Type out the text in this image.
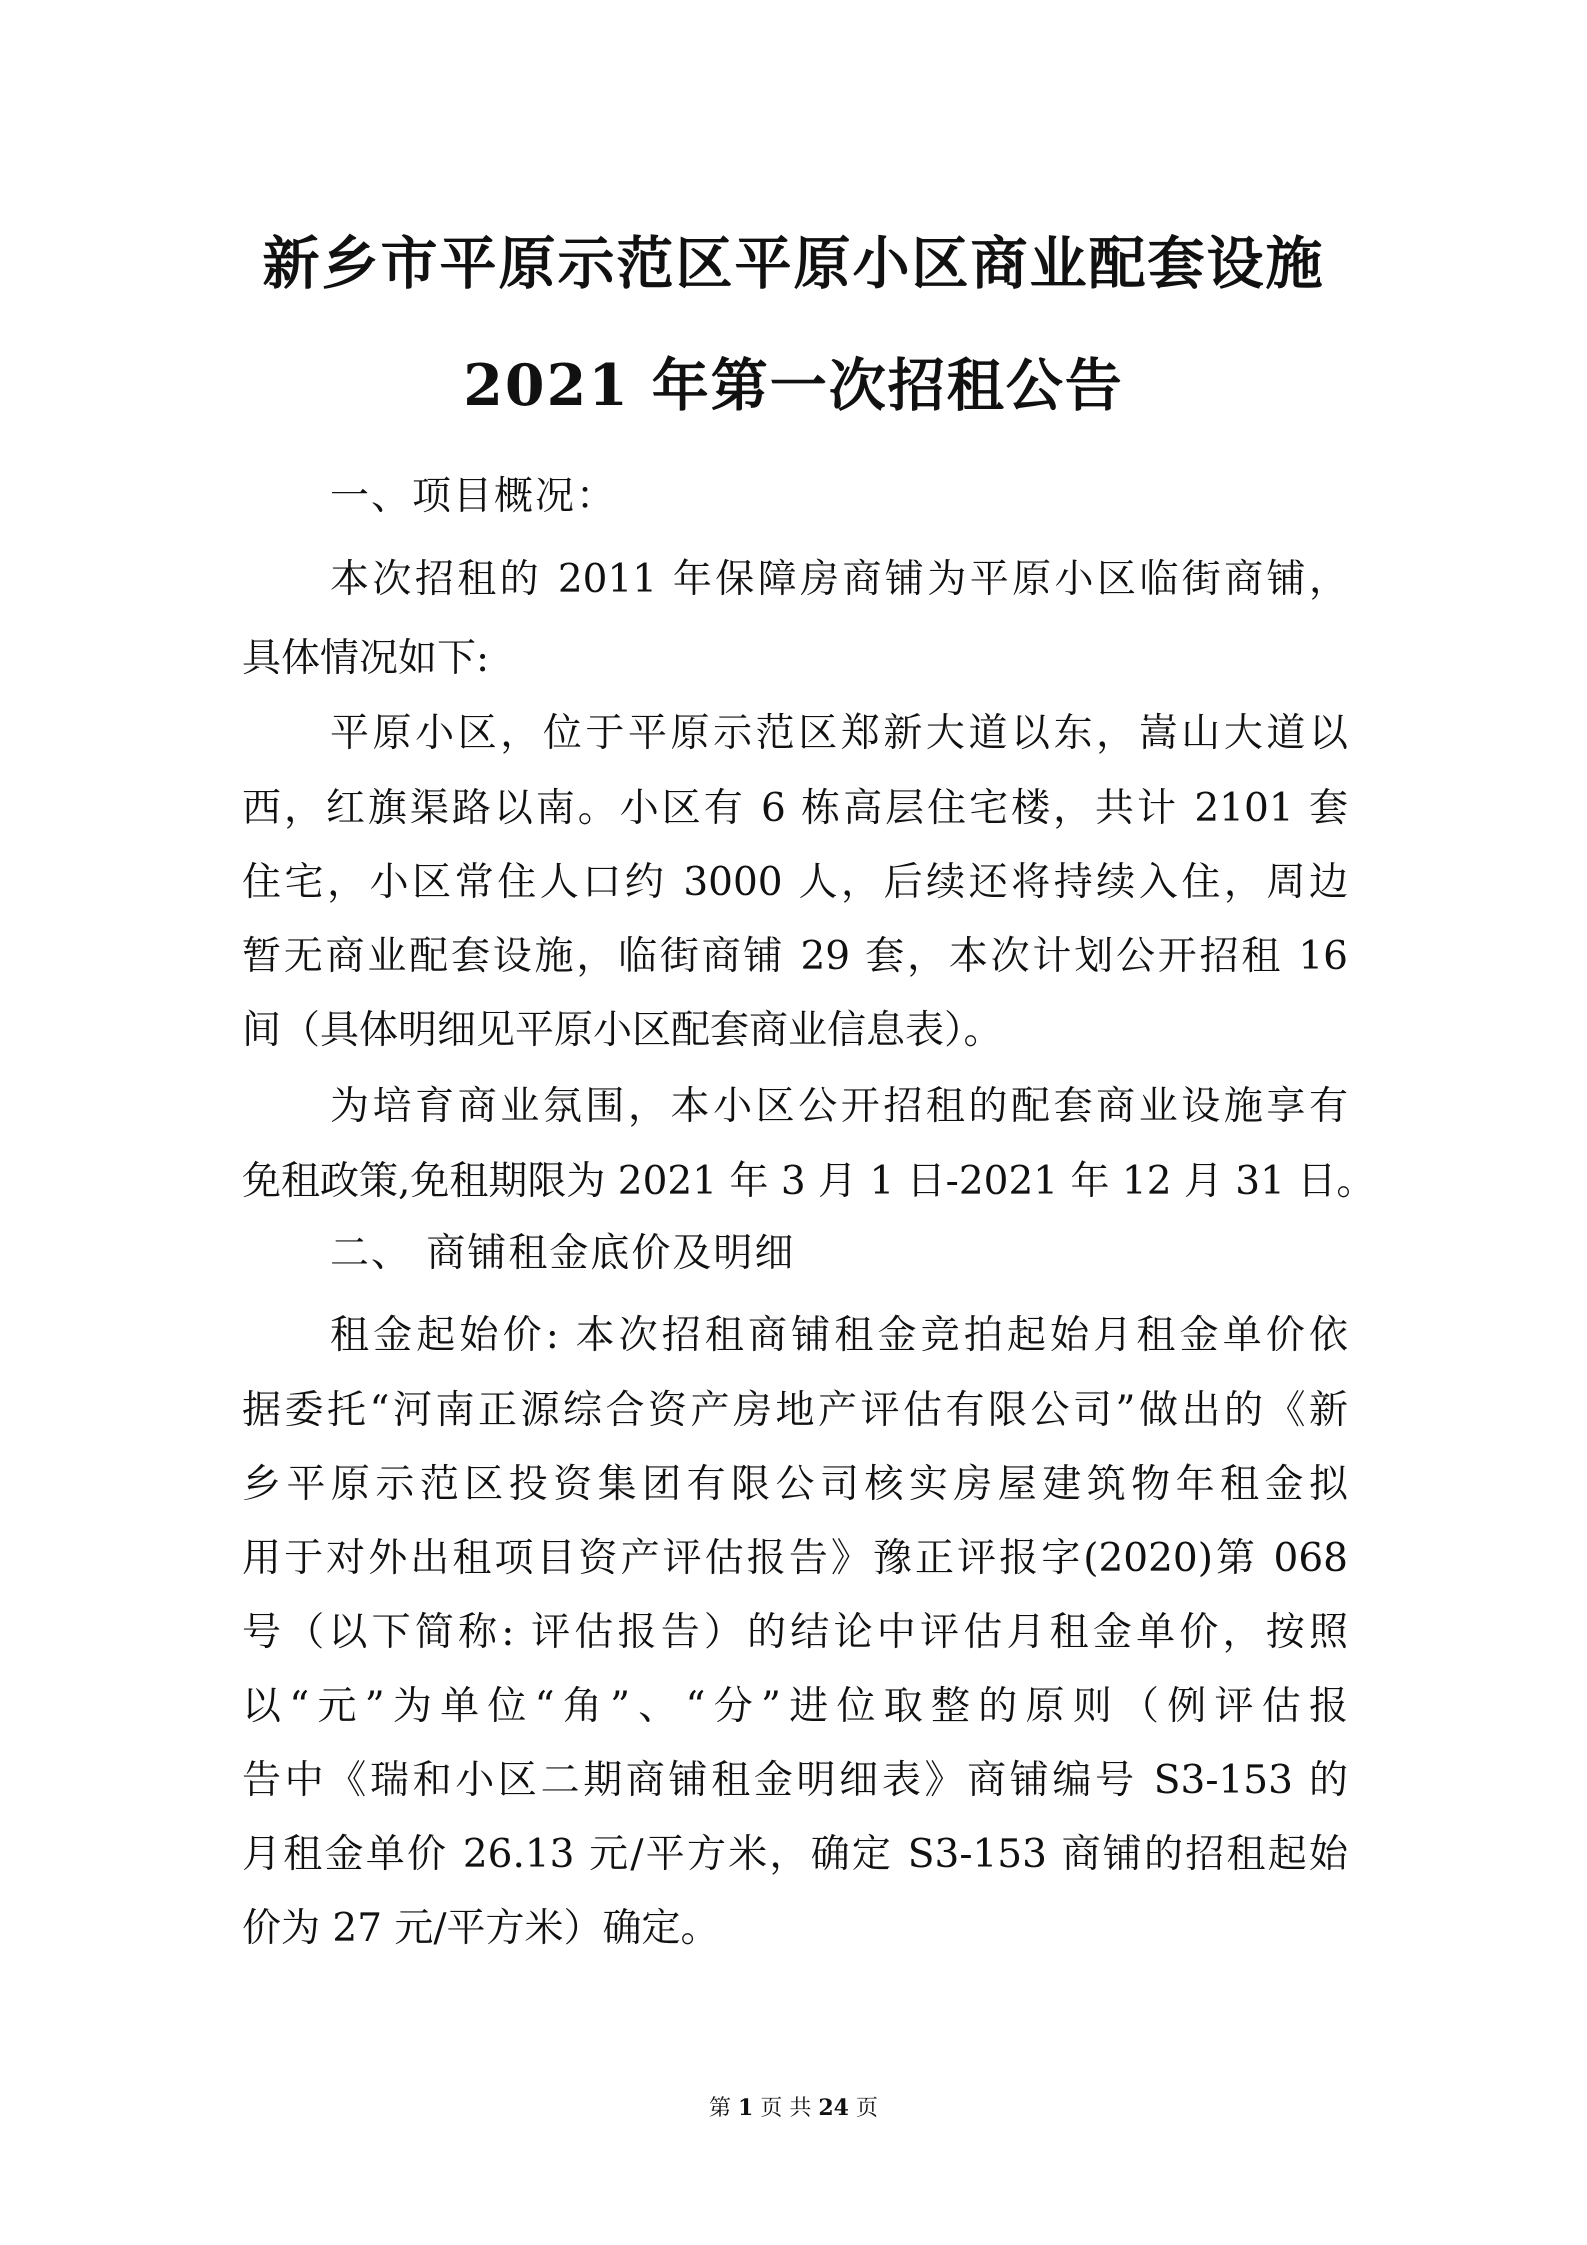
新乡市平原示范区平原小区商业配套设施
2021 年第一次招租公告
一、项目概况：
本次招租的 2011 年保障房商铺为平原小区临街商铺，
具体情况如下:
平原小区，位于平原示范区郑新大道以东，嵩山大道以
西，红旗渠路以南。小区有 6 栋高层住宅楼，共计 2101 套
住宅，小区常住人口约 3000 人，后续还将持续入住，周边
暂无商业配套设施，临街商铺 29 套，本次计划公开招租 16
间（具体明细见平原小区配套商业信息表）。
为培育商业氛围，本小区公开招租的配套商业设施享有
免租政策,免租期限为 2021 年 3 月 1 日-2021 年 12 月 31 日。
二、 商铺租金底价及明细
租金起始价: 本次招租商铺租金竞拍起始月租金单价依
据委托“河南正源综合资产房地产评估有限公司”做出的《新
乡平原示范区投资集团有限公司核实房屋建筑物年租金拟
用于对外出租项目资产评估报告》豫正评报字(2020)第 068
号（以下简称: 评估报告）的结论中评估月租金单价，按照
以“元”为单位“角”、“分”进位取整的原则（例评估报
告中《瑞和小区二期商铺租金明细表》商铺编号 S3-153 的
月租金单价 26.13 元/平方米，确定 S3-153 商铺的招租起始
价为 27 元/平方米）确定。
第 1 页 共 24 页
